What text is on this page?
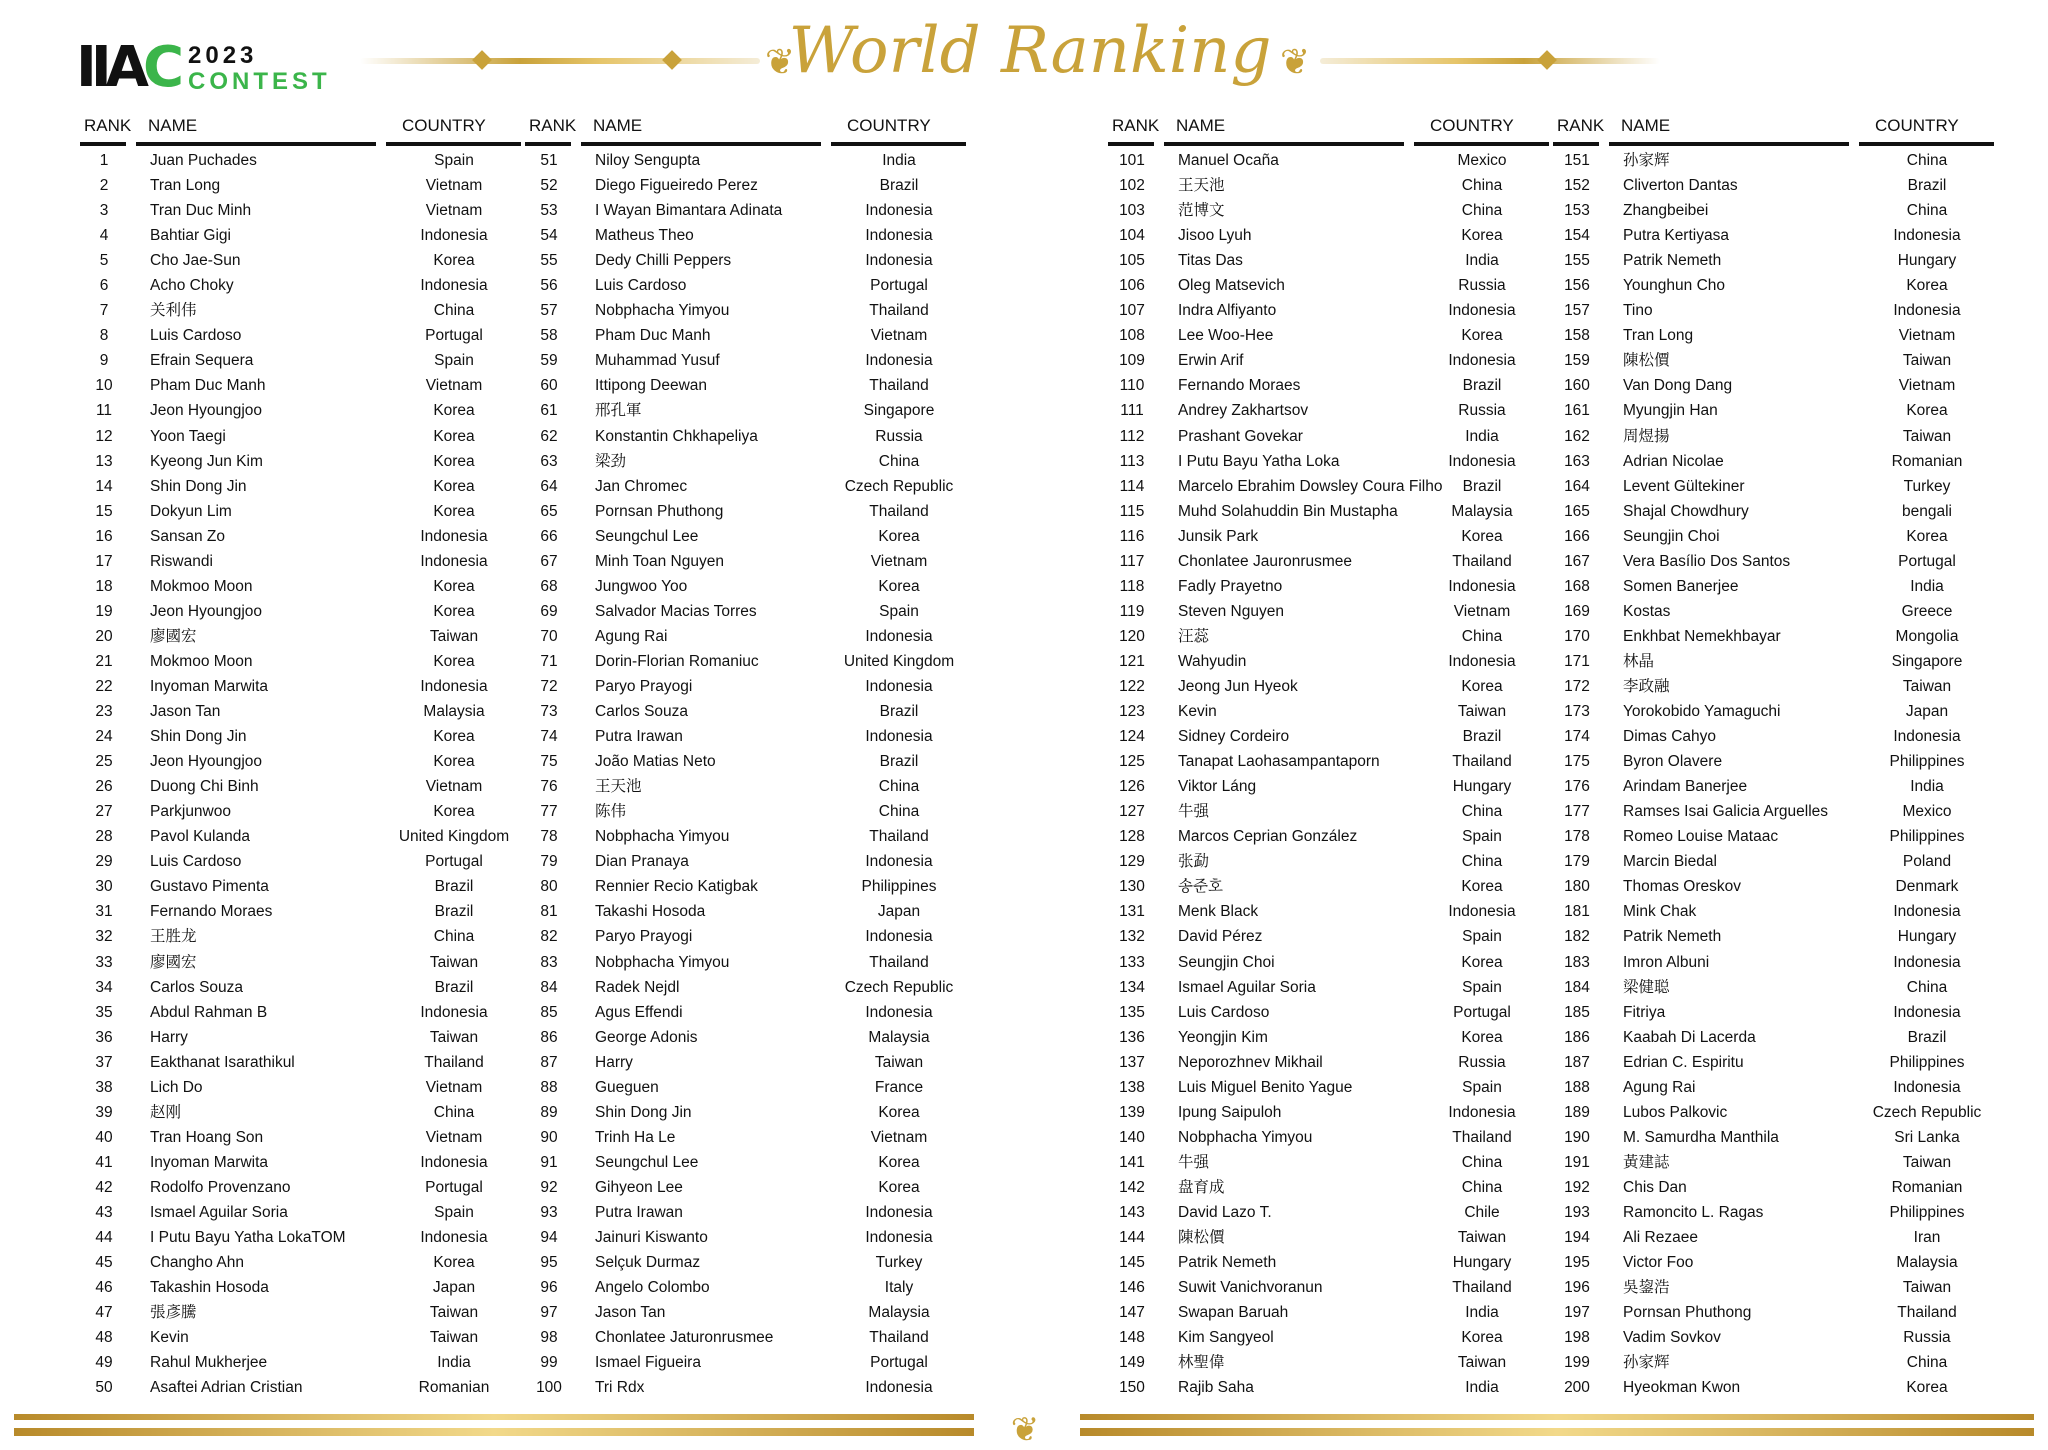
IIAC 2023
CONTEST	❦
World Ranking ❦
RANK NAME	COUNTRY
1	Juan Puchades	Spain
2	Tran Long	Vietnam
3	Tran Duc Minh	Vietnam
4	Bahtiar Gigi	Indonesia
5	Cho Jae-Sun	Korea
6	Acho Choky	Indonesia
7	关利伟	China
8	Luis Cardoso	Portugal
9	Efrain Sequera	Spain
10	Pham Duc Manh	Vietnam
11	Jeon Hyoungjoo	Korea
12	Yoon Taegi	Korea
13	Kyeong Jun Kim	Korea
14	Shin Dong Jin	Korea
15	Dokyun Lim	Korea
16	Sansan Zo	Indonesia
17	Riswandi	Indonesia
18	Mokmoo Moon	Korea
19	Jeon Hyoungjoo	Korea
20	廖國宏	Taiwan
21	Mokmoo Moon	Korea
22	Inyoman Marwita	Indonesia
23	Jason Tan	Malaysia
24	Shin Dong Jin	Korea
25	Jeon Hyoungjoo	Korea
26	Duong Chi Binh	Vietnam
27	Parkjunwoo	Korea
28	Pavol Kulanda	United Kingdom
29	Luis Cardoso	Portugal
30	Gustavo Pimenta	Brazil
31	Fernando Moraes	Brazil
32	王胜龙	China
33	廖國宏	Taiwan
34	Carlos Souza	Brazil
35	Abdul Rahman B	Indonesia
36	Harry	Taiwan
37	Eakthanat Isarathikul	Thailand
38	Lich Do	Vietnam
39	赵刚	China
40	Tran Hoang Son	Vietnam
41	Inyoman Marwita	Indonesia
42	Rodolfo Provenzano	Portugal
43	Ismael Aguilar Soria	Spain
44	I Putu Bayu Yatha LokaTOM	Indonesia
45	Changho Ahn	Korea
46	Takashin Hosoda	Japan
47	張彥騰	Taiwan
48	Kevin	Taiwan
49	Rahul Mukherjee	India
50	Asaftei Adrian Cristian	Romanian
RANK NAME	COUNTRY
51	Niloy Sengupta	India
52	Diego Figueiredo Perez	Brazil
53	I Wayan Bimantara Adinata	Indonesia
54	Matheus Theo	Indonesia
55	Dedy Chilli Peppers	Indonesia
56	Luis Cardoso	Portugal
57	Nobphacha Yimyou	Thailand
58	Pham Duc Manh	Vietnam
59	Muhammad Yusuf	Indonesia
60	Ittipong Deewan	Thailand
61	邢孔軍	Singapore
62	Konstantin Chkhapeliya	Russia
63	梁劲	China
64	Jan Chromec	Czech Republic
65	Pornsan Phuthong	Thailand
66	Seungchul Lee	Korea
67	Minh Toan Nguyen	Vietnam
68	Jungwoo Yoo	Korea
69	Salvador Macias Torres	Spain
70	Agung Rai	Indonesia
71	Dorin-Florian Romaniuc	United Kingdom
72	Paryo Prayogi	Indonesia
73	Carlos Souza	Brazil
74	Putra Irawan	Indonesia
75	João Matias Neto	Brazil
76	王天池	China
77	陈伟	China
78	Nobphacha Yimyou	Thailand
79	Dian Pranaya	Indonesia
80	Rennier Recio Katigbak	Philippines
81	Takashi Hosoda	Japan
82	Paryo Prayogi	Indonesia
83	Nobphacha Yimyou	Thailand
84	Radek Nejdl	Czech Republic
85	Agus Effendi	Indonesia
86	George Adonis	Malaysia
87	Harry	Taiwan
88	Gueguen	France
89	Shin Dong Jin	Korea
90	Trinh Ha Le	Vietnam
91	Seungchul Lee	Korea
92	Gihyeon Lee	Korea
93	Putra Irawan	Indonesia
94	Jainuri Kiswanto	Indonesia
95	Selçuk Durmaz	Turkey
96	Angelo Colombo	Italy
97	Jason Tan	Malaysia
98	Chonlatee Jaturonrusmee	Thailand
99	Ismael Figueira	Portugal
100	Tri Rdx	Indonesia
RANK NAME	COUNTRY
101	Manuel Ocaña	Mexico
102	王天池	China
103	范博文	China
104	Jisoo Lyuh	Korea
105	Titas Das	India
106	Oleg Matsevich	Russia
107	Indra Alfiyanto	Indonesia
108	Lee Woo-Hee	Korea
109	Erwin Arif	Indonesia
110	Fernando Moraes	Brazil
111	Andrey Zakhartsov	Russia
112	Prashant Govekar	India
113	I Putu Bayu Yatha Loka	Indonesia
114	Marcelo Ebrahim Dowsley Coura Filho	Brazil
115	Muhd Solahuddin Bin Mustapha	Malaysia
116	Junsik Park	Korea
117	Chonlatee Jauronrusmee	Thailand
118	Fadly Prayetno	Indonesia
119	Steven Nguyen	Vietnam
120	汪蕊	China
121	Wahyudin	Indonesia
122	Jeong Jun Hyeok	Korea
123	Kevin	Taiwan
124	Sidney Cordeiro	Brazil
125	Tanapat Laohasampantaporn	Thailand
126	Viktor Láng	Hungary
127	牛强	China
128	Marcos Ceprian González	Spain
129	张勐	China
130	송준호	Korea
131	Menk Black	Indonesia
132	David Pérez	Spain
133	Seungjin Choi	Korea
134	Ismael Aguilar Soria	Spain
135	Luis Cardoso	Portugal
136	Yeongjin Kim	Korea
137	Neporozhnev Mikhail	Russia
138	Luis Miguel Benito Yague	Spain
139	Ipung Saipuloh	Indonesia
140	Nobphacha Yimyou	Thailand
141	牛强	China
142	盘育成	China
143	David Lazo T.	Chile
144	陳松價	Taiwan
145	Patrik Nemeth	Hungary
146	Suwit Vanichvoranun	Thailand
147	Swapan Baruah	India
148	Kim Sangyeol	Korea
149	林聖偉	Taiwan
150	Rajib Saha	India
RANK NAME	COUNTRY
151	孙家辉	China
152	Cliverton Dantas	Brazil
153	Zhangbeibei	China
154	Putra Kertiyasa	Indonesia
155	Patrik Nemeth	Hungary
156	Younghun Cho	Korea
157	Tino	Indonesia
158	Tran Long	Vietnam
159	陳松價	Taiwan
160	Van Dong Dang	Vietnam
161	Myungjin Han	Korea
162	周煜揚	Taiwan
163	Adrian Nicolae	Romanian
164	Levent Gültekiner	Turkey
165	Shajal Chowdhury	bengali
166	Seungjin Choi	Korea
167	Vera Basílio Dos Santos	Portugal
168	Somen Banerjee	India
169	Kostas	Greece
170	Enkhbat Nemekhbayar	Mongolia
171	林晶	Singapore
172	李政融	Taiwan
173	Yorokobido Yamaguchi	Japan
174	Dimas Cahyo	Indonesia
175	Byron Olavere	Philippines
176	Arindam Banerjee	India
177	Ramses Isai Galicia Arguelles	Mexico
178	Romeo Louise Mataac	Philippines
179	Marcin Biedal	Poland
180	Thomas Oreskov	Denmark
181	Mink Chak	Indonesia
182	Patrik Nemeth	Hungary
183	Imron Albuni	Indonesia
184	梁健聪	China
185	Fitriya	Indonesia
186	Kaabah Di Lacerda	Brazil
187	Edrian C. Espiritu	Philippines
188	Agung Rai	Indonesia
189	Lubos Palkovic	Czech Republic
190	M. Samurdha Manthila	Sri Lanka
191	黃建誌	Taiwan
192	Chis Dan	Romanian
193	Ramoncito L. Ragas	Philippines
194	Ali Rezaee	Iran
195	Victor Foo	Malaysia
196	吳鋆浩	Taiwan
197	Pornsan Phuthong	Thailand
198	Vadim Sovkov	Russia
199	孙家辉	China
200	Hyeokman Kwon	Korea
❦
